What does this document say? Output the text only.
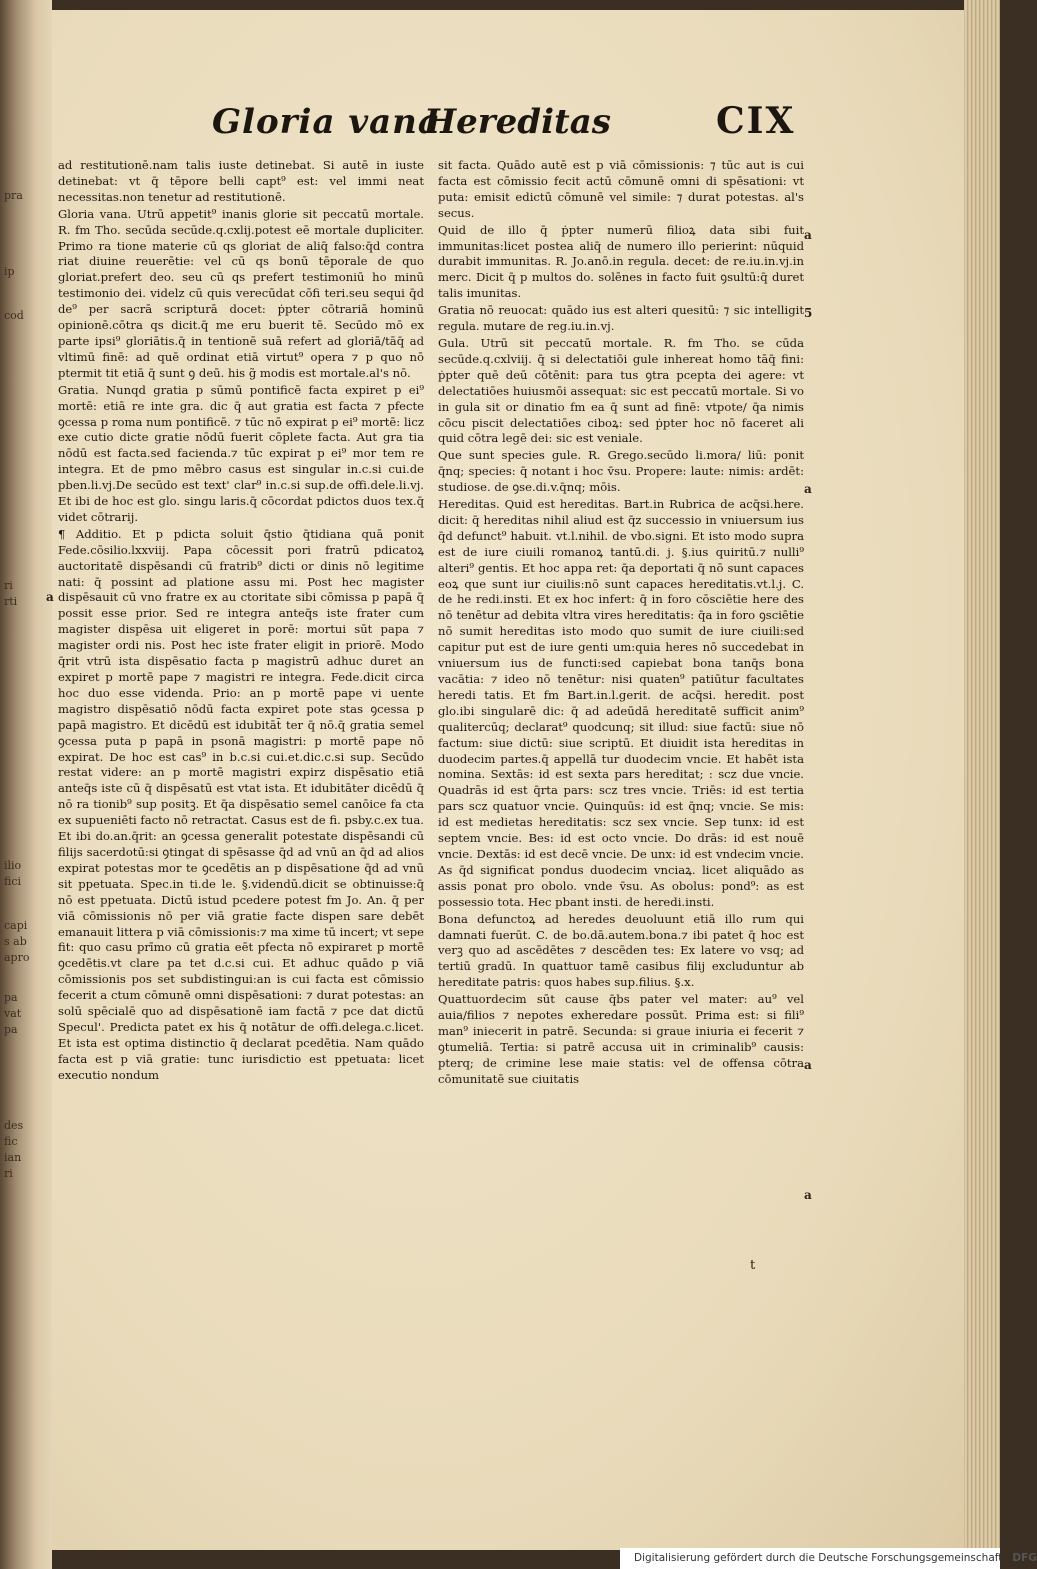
pra
ip
cod
ri
rti
ilio
fici
capi
s ab
apro
pa
vat
pa
des
fic
ian
ri
Gloria vana
Hereditas	CIX

ad restitutionē.nam talis iuste detinebat. Si autē in iuste detinebat: vt q̄ tēpore belli capt⁹ est: vel immi neat necessitas.non tenetur ad restitutionē.

Gloria vana. Utrū appetit⁹ inanis glorie sit peccatū mortale. R. fm Tho. secūda secūde.q.cxlij.potest eē mortale dupliciter. Primo ra tione materie cū qs gloriat de aliq̄ falso:q̄d contra riat diuine reuerētie: vel cū qs bonū tēporale de quo gloriat.prefert deo. seu cū qs prefert testimoniū ho minū testimonio dei. videlz cū quis verecūdat cōfi teri.seu sequi q̄d de⁹ per sacrā scripturā docet: ṗpter cōtrariā hominū opinionē.cōtra qs dicit.q̄ me eru buerit tē. Secūdo mō ex parte ipsi⁹ gloriātis.q̄ in tentionē suā refert ad gloriā/tāq̄ ad vltimū finē: ad quē ordinat etiā virtut⁹ opera ⁊ p quo nō ptermit tit etiā q̄ sunt ꝯ deū. his g̃ modis est mortale.al's nō.

Gratia. Nunqd gratia p sūmū pontificē facta expiret p ei⁹ mortē: etiā re inte gra. dic q̄ aut gratia est facta ⁊ pfecte ꝯcessa p roma num pontificē. ⁊ tūc nō expirat p ei⁹ mortē: licz exe cutio dicte gratie nōdū fuerit cōplete facta. Aut gra tia nōdū est facta.sed facienda.⁊ tūc expirat p ei⁹ mor tem re integra. Et de pmo mēbro casus est singular in.c.si cui.de pben.li.vj.De secūdo est text' clar⁹ in.c.si sup.de offi.dele.li.vj. Et ibi de hoc est glo. singu laris.q̄ cōcordat pdictos duos tex.q̄ videt cōtrarij.

¶ Additio. Et p pdicta soluit q̄stio q̄tidiana quā ponit Fede.cōsilio.lxxviij. Papa cōcessit pori fratrū pdicatoꝝ auctoritatē dispēsandi cū fratrib⁹ dicti or dinis nō legitime nati: q̄ possint ad platione assu mi. Post hec magister dispēsauit cū vno fratre ex au ctoritate sibi cōmissa p papā q̄ possit esse prior. Sed re integra anteq̄s iste frater cum magister dispēsa uit eligeret in porē: mortui sūt papa ⁊ magister ordi nis. Post hec iste frater eligit in priorē. Modo q̄rit vtrū ista dispēsatio facta p magistrū adhuc duret an expiret p mortē pape ⁊ magistri re integra. Fede.dicit circa hoc duo esse videnda. Prio: an p mortē pape vi uente magistro dispēsatiō nōdū facta expiret pote stas ꝯcessa p papā magistro. Et dicēdū est idubitāt̄ ter q̄ nō.q̄ gratia semel ꝯcessa puta p papā in psonā magistri: p mortē pape nō expirat. De hoc est cas⁹ in b.c.si cui.et.dic.c.si sup. Secūdo restat videre: an p mortē magistri expirz dispēsatio etiā anteq̄s iste cū q̄ dispēsatū est vtat ista. Et idubitāter dicēdū q̄ nō ra tionib⁹ sup positꝫ. Et q̄a dispēsatio semel canōice fa cta ex supueniēti facto nō retractat. Casus est de fi. psby.c.ex tua. Et ibi do.an.q̄rit: an ꝯcessa generalit potestate dispēsandi cū filijs sacerdotū:si ꝯtingat di spēsasse q̄d ad vnū an q̄d ad alios expirat potestas mor te ꝯcedētis an p dispēsatione q̄d ad vnū sit ppetuata. Spec.in ti.de le. §.videndū.dicit se obtinuisse:q̄ nō est ppetuata. Dictū istud pcedere potest fm Jo. An. q̄ per viā cōmissionis nō per viā gratie facte dispen sare debēt emanauit littera p viā cōmissionis:⁊ ma xime tū incert; vt sepe fit: quo casu prīmo cū gratia eēt pfecta nō expiraret p mortē ꝯcedētis.vt clare pa tet d.c.si cui. Et adhuc quādo p viā cōmissionis pos set subdistingui:an is cui facta est cōmissio fecerit a ctum cōmunē omni dispēsationi: ⁊ durat potestas: an solū spēcialē quo ad dispēsationē iam factā ⁊ pce dat dictū Specul'. Predicta patet ex his q̄ notātur de offi.delega.c.licet. Et ista est optima distinctio q̄ declarat pcedētia. Nam quādo facta est p viā gratie: tunc iurisdictio est ppetuata: licet executio nondum

sit facta. Quādo autē est p viā cōmissionis: ⁊ tūc aut is cui facta est cōmissio fecit actū cōmunē omni di spēsationi: vt puta: emisit edictū cōmunē vel simile: ⁊ durat potestas. al's secus.

Quid de illo q̄ ṗpter numerū filioꝝ data sibi fuit immunitas:licet postea aliq̄ de numero illo perierint: nūquid durabit immunitas. R. Jo.anō.in regula. decet: de re.iu.in.vj.in merc. Dicit q̄ p multos do. solēnes in facto fuit ꝯsultū:q̄ duret talis imunitas.

Gratia nō reuocat: quādo ius est alteri quesitū: ⁊ sic intelligit regula. mutare de reg.iu.in.vj.

Gula. Utrū sit peccatū mortale. R. fm Tho. se cūda secūde.q.cxlviij. q̄ si delectatiōi gule inhereat homo tāq̄ fini: ṗpter quē deū cōtēnit: para tus ꝯtra pcepta dei agere: vt delectatiōes huiusmōi assequat: sic est peccatū mortale. Si vo in gula sit or dinatio fm ea q̄ sunt ad finē: vtpote/ q̄a nimis cōcu piscit delectatiōes ciboꝝ: sed ṗpter hoc nō faceret ali quid cōtra legē dei: sic est veniale.

Que sunt species gule. R. Grego.secūdo li.mora/ liū: ponit q̄nq; species: q̄ notant i hoc v̄su. Propere: laute: nimis: ardēt: studiose. de ꝯse.di.v.q̄nq; mōis.

Hereditas. Quid est hereditas. Bart.in Rubrica de acq̄si.here. dicit: q̄ hereditas nihil aliud est q̄z successio in vniuersum ius q̄d defunct⁹ habuit. vt.l.nihil. de vbo.signi. Et isto modo supra est de iure ciuili romanoꝝ tantū.di. j. §.ius quiritū.⁊ nulli⁹ alteri⁹ gentis. Et hoc appa ret: q̄a deportati q̄ nō sunt capaces eoꝝ que sunt iur ciuilis:nō sunt capaces hereditatis.vt.l.j. C. de he redi.insti. Et ex hoc infert: q̄ in foro cōsciētie here des nō tenētur ad debita vltra vires hereditatis: q̄a in foro ꝯsciētie nō sumit hereditas isto modo quo sumit de iure ciuili:sed capitur put est de iure genti um:quia heres nō succedebat in vniuersum ius de functi:sed capiebat bona tanq̄s bona vacātia: ⁊ ideo nō tenētur: nisi quaten⁹ patiūtur facultates heredi tatis. Et fm Bart.in.l.gerit. de acq̄si. heredit. post glo.ibi singularē dic: q̄ ad adeūdā hereditatē sufficit anim⁹ qualitercūq; declarat⁹ quodcunq; sit illud: siue factū: siue nō factum: siue dictū: siue scriptū. Et diuidit ista hereditas in duodecim partes.q̄ appellā tur duodecim vncie. Et habēt ista nomina. Sextās: id est sexta pars hereditat; : scz due vncie. Quadrās id est q̄rta pars: scz tres vncie. Triēs: id est tertia pars scz quatuor vncie. Quinquūs: id est q̄nq; vncie. Se mis: id est medietas hereditatis: scz sex vncie. Sep tunx: id est septem vncie. Bes: id est octo vncie. Do drās: id est nouē vncie. Dextās: id est decē vncie. De unx: id est vndecim vncie. As q̄d significat pondus duodecim vnciaꝝ. licet aliquādo as assis ponat pro obolo. vnde v̄su. As obolus: pond⁹: as est possessio tota. Hec pbant insti. de heredi.insti.

Bona defunctoꝝ ad heredes deuoluunt etiā illo rum qui damnati fuerūt. C. de bo.dā.autem.bona.⁊ ibi patet q̄ hoc est verꝫ quo ad ascēdētes ⁊ descēden tes: Ex latere vo vsq; ad tertiū gradū. In quattuor tamē casibus filij excluduntur ab hereditate patris: quos habes sup.filius. §.x.

Quattuordecim sūt cause q̄bs pater vel mater: au⁹ vel auia/filios ⁊ nepotes exheredare possūt. Prima est: si fili⁹ man⁹ iniecerit in patrē. Secunda: si graue iniuria ei fecerit ⁊ ꝯtumeliā. Tertia: si patrē accusa uit in criminalib⁹ causis: pterq; de crimine lese maie statis: vel de offensa cōtra cōmunitatē sue ciuitatis

a
5
a
a
a
a
t
Digitalisierung gefördert durch die Deutsche Forschungsgemeinschaft · DFG
